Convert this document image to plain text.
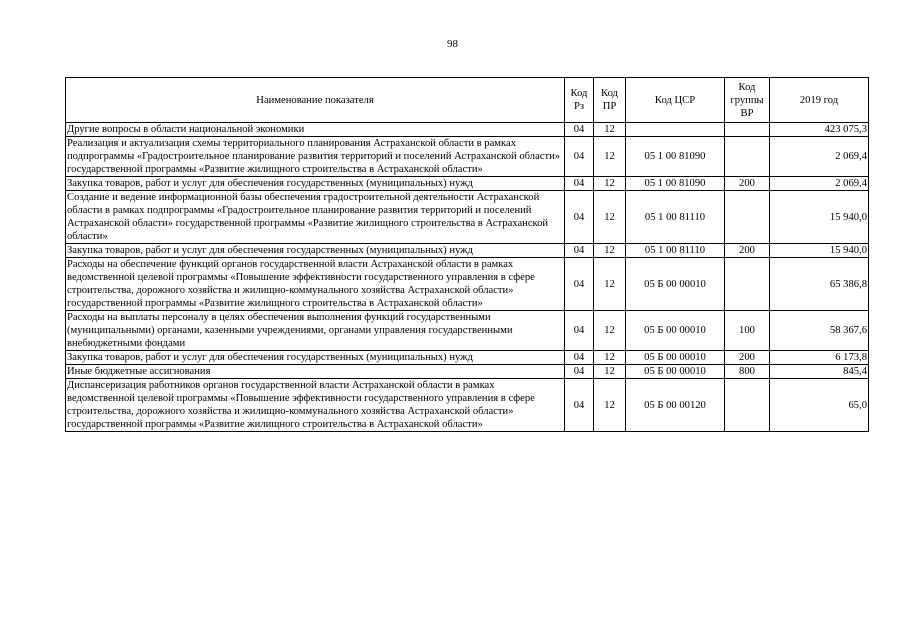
98
Наименование показателя	Код Рз	Код ПР	Код ЦСР	Код группы ВР	2019 год
Другие вопросы в области национальной экономики	04	12			423 075,3
Реализация и актуализация схемы территориального планирования Астраханской области в рамках подпрограммы «Градостроительное планирование развития территорий и поселений Астраханской области» государственной программы «Развитие жилищного строительства в Астраханской области»	04	12	05 1 00 81090		2 069,4
Закупка товаров, работ и услуг для обеспечения государственных (муниципальных) нужд	04	12	05 1 00 81090	200	2 069,4
Создание и ведение информационной базы обеспечения градостроительной деятельности Астраханской области в рамках подпрограммы «Градостроительное планирование развития территорий и поселений Астраханской области» государственной программы «Развитие жилищного строительства в Астраханской области»	04	12	05 1 00 81110		15 940,0
Закупка товаров, работ и услуг для обеспечения государственных (муниципальных) нужд	04	12	05 1 00 81110	200	15 940,0
Расходы на обеспечение функций органов государственной власти Астраханской области в рамках ведомственной целевой программы «Повышение эффективности государственного управления в сфере строительства, дорожного хозяйства и жилищно-коммунального хозяйства Астраханской области» государственной программы «Развитие жилищного строительства в Астраханской области»	04	12	05 Б 00 00010		65 386,8
Расходы на выплаты персоналу в целях обеспечения выполнения функций государственными (муниципальными) органами, казенными учреждениями, органами управления государственными внебюджетными фондами	04	12	05 Б 00 00010	100	58 367,6
Закупка товаров, работ и услуг для обеспечения государственных (муниципальных) нужд	04	12	05 Б 00 00010	200	6 173,8
Иные бюджетные ассигнования	04	12	05 Б 00 00010	800	845,4
Диспансеризация работников органов государственной власти Астраханской области в рамках ведомственной целевой программы «Повышение эффективности государственного управления в сфере строительства, дорожного хозяйства и жилищно-коммунального хозяйства Астраханской области» государственной программы «Развитие жилищного строительства в Астраханской области»	04	12	05 Б 00 00120		65,0
